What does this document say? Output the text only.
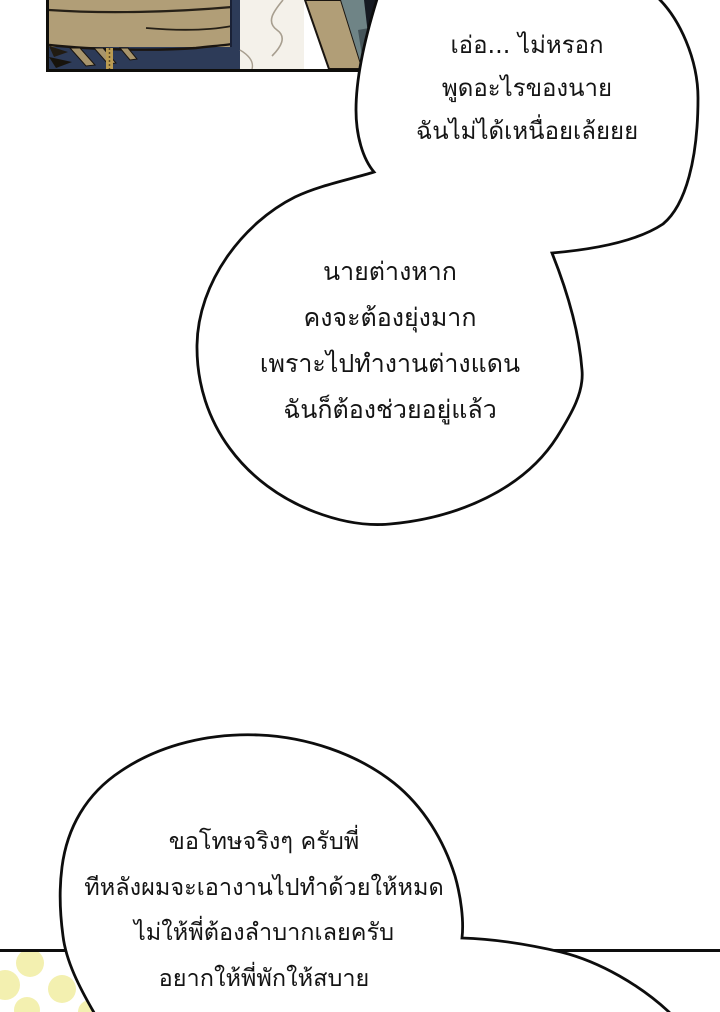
เอ่อ... ไม่หรอก
พูดอะไรของนาย
ฉันไม่ได้เหนื่อยเล้ยยย
นายต่างหาก
คงจะต้องยุ่งมาก
เพราะไปทำงานต่างแดน
ฉันก็ต้องช่วยอยู่แล้ว
ขอโทษจริงๆ ครับพี่
ทีหลังผมจะเอางานไปทำด้วยให้หมด
ไม่ให้พี่ต้องลำบากเลยครับ
อยากให้พี่พักให้สบาย
